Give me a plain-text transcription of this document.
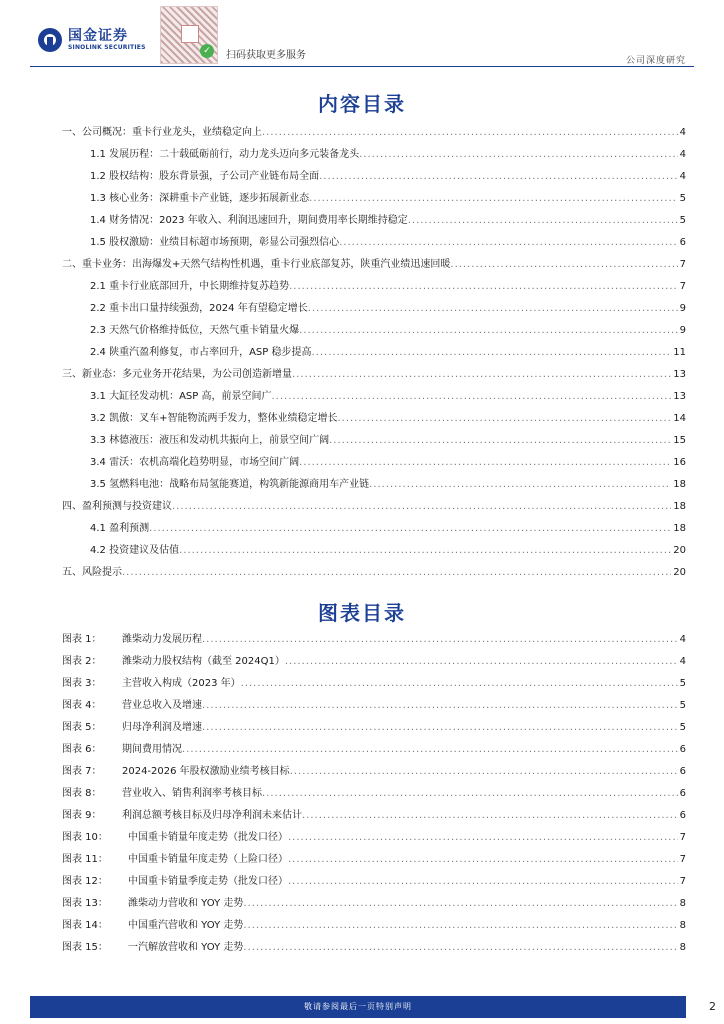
国金证券
SINOLINK SECURITIES	✓	扫码获取更多服务	公司深度研究
内容目录
一、公司概况：重卡行业龙头，业绩稳定向上 .....	4
1.1 发展历程：二十载砥砺前行，动力龙头迈向多元装备龙头 .....	4
1.2 股权结构：股东背景强，子公司产业链布局全面 .....	4
1.3 核心业务：深耕重卡产业链，逐步拓展新业态 .....	5
1.4 财务情况：2023 年收入、利润迅速回升，期间费用率长期维持稳定 .....	5
1.5 股权激励：业绩目标超市场预期，彰显公司强烈信心 .....	6
二、重卡业务：出海爆发+天然气结构性机遇，重卡行业底部复苏，陕重汽业绩迅速回暖 .....	7
2.1 重卡行业底部回升，中长期维持复苏趋势 .....	7
2.2 重卡出口量持续强劲，2024 年有望稳定增长 .....	9
2.3 天然气价格维持低位，天然气重卡销量火爆 .....	9
2.4 陕重汽盈利修复，市占率回升，ASP 稳步提高 .....	11
三、新业态：多元业务开花结果，为公司创造新增量 .....	13
3.1 大缸径发动机：ASP 高，前景空间广 .....	13
3.2 凯傲：叉车+智能物流两手发力，整体业绩稳定增长 .....	14
3.3 林德液压：液压和发动机共振向上，前景空间广阔 .....	15
3.4 雷沃：农机高端化趋势明显，市场空间广阔 .....	16
3.5 氢燃料电池：战略布局氢能赛道，构筑新能源商用车产业链 .....	18
四、盈利预测与投资建议 .....	18
4.1 盈利预测 .....	18
4.2 投资建议及估值 .....	20
五、风险提示 .....	20
图表目录
图表 1：	潍柴动力发展历程 .....	4
图表 2：	潍柴动力股权结构（截至 2024Q1） .....	4
图表 3：	主营收入构成（2023 年） .....	5
图表 4：	营业总收入及增速 .....	5
图表 5：	归母净利润及增速 .....	5
图表 6：	期间费用情况 .....	6
图表 7：	2024-2026 年股权激励业绩考核目标 .....	6
图表 8：	营业收入、销售利润率考核目标 .....	6
图表 9：	利润总额考核目标及归母净利润未来估计 .....	6
图表 10：	中国重卡销量年度走势（批发口径） .....	7
图表 11：	中国重卡销量年度走势（上险口径） .....	7
图表 12：	中国重卡销量季度走势（批发口径） .....	7
图表 13：	潍柴动力营收和 YOY 走势 .....	8
图表 14：	中国重汽营收和 YOY 走势 .....	8
图表 15：	一汽解放营收和 YOY 走势 .....	8
敬请参阅最后一页特别声明	2
